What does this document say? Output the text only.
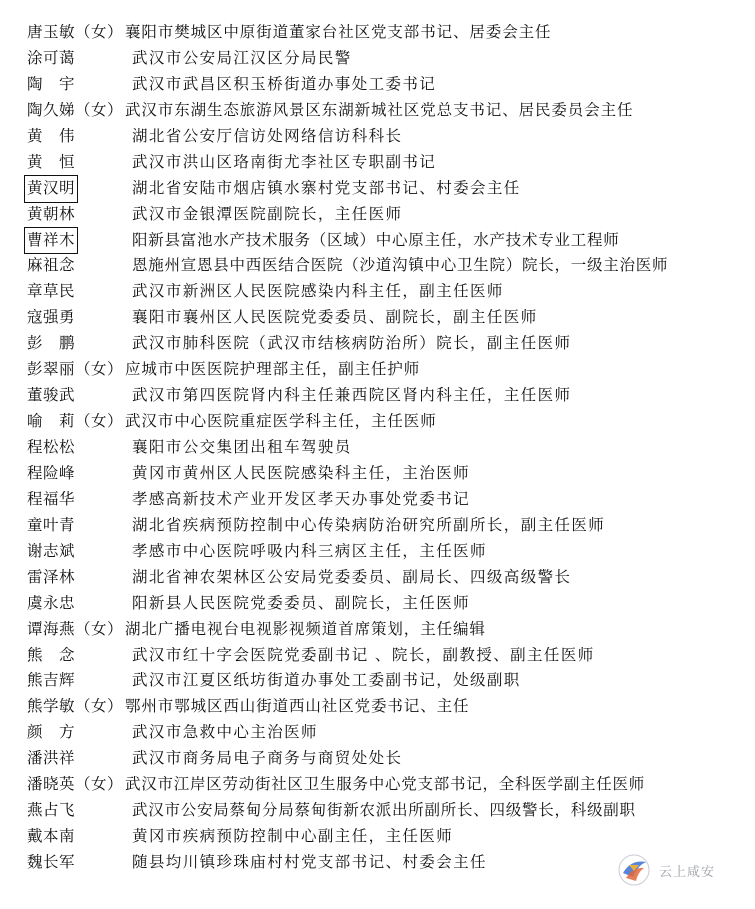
唐玉敏（女） 襄阳市樊城区中原街道董家台社区党支部书记、居委会主任
涂可蔼	武汉市公安局江汉区分局民警
陶　宇	武汉市武昌区积玉桥街道办事处工委书记
陶久娣（女） 武汉市东湖生态旅游风景区东湖新城社区党总支书记、居民委员会主任
黄　伟	湖北省公安厅信访处网络信访科科长
黄　恒	武汉市洪山区珞南街尤李社区专职副书记
黄汉明	湖北省安陆市烟店镇水寨村党支部书记、村委会主任
黄朝林	武汉市金银潭医院副院长，主任医师
曹祥木	阳新县富池水产技术服务（区域）中心原主任，水产技术专业工程师
麻祖念	恩施州宣恩县中西医结合医院（沙道沟镇中心卫生院）院长，一级主治医师
章草民	武汉市新洲区人民医院感染内科主任，副主任医师
寇强勇	襄阳市襄州区人民医院党委委员、副院长，副主任医师
彭　鹏	武汉市肺科医院（武汉市结核病防治所）院长，副主任医师
彭翠丽（女） 应城市中医医院护理部主任，副主任护师
董骏武	武汉市第四医院肾内科主任兼西院区肾内科主任，主任医师
喻　莉（女） 武汉市中心医院重症医学科主任，主任医师
程松松	襄阳市公交集团出租车驾驶员
程险峰	黄冈市黄州区人民医院感染科主任，主治医师
程福华	孝感高新技术产业开发区孝天办事处党委书记
童叶青	湖北省疾病预防控制中心传染病防治研究所副所长，副主任医师
谢志斌	孝感市中心医院呼吸内科三病区主任，主任医师
雷泽林	湖北省神农架林区公安局党委委员、副局长、四级高级警长
虞永忠	阳新县人民医院党委委员、副院长，主任医师
谭海燕（女） 湖北广播电视台电视影视频道首席策划，主任编辑
熊　念	武汉市红十字会医院党委副书记 、院长，副教授、副主任医师
熊吉辉	武汉市江夏区纸坊街道办事处工委副书记，处级副职
熊学敏（女） 鄂州市鄂城区西山街道西山社区党委书记、主任
颜　方	武汉市急救中心主治医师
潘洪祥	武汉市商务局电子商务与商贸处处长
潘晓英（女） 武汉市江岸区劳动街社区卫生服务中心党支部书记，全科医学副主任医师
燕占飞	武汉市公安局蔡甸分局蔡甸街新农派出所副所长、四级警长，科级副职
戴本南	黄冈市疾病预防控制中心副主任，主任医师
魏长军	随县均川镇珍珠庙村村党支部书记、村委会主任
云上咸安
